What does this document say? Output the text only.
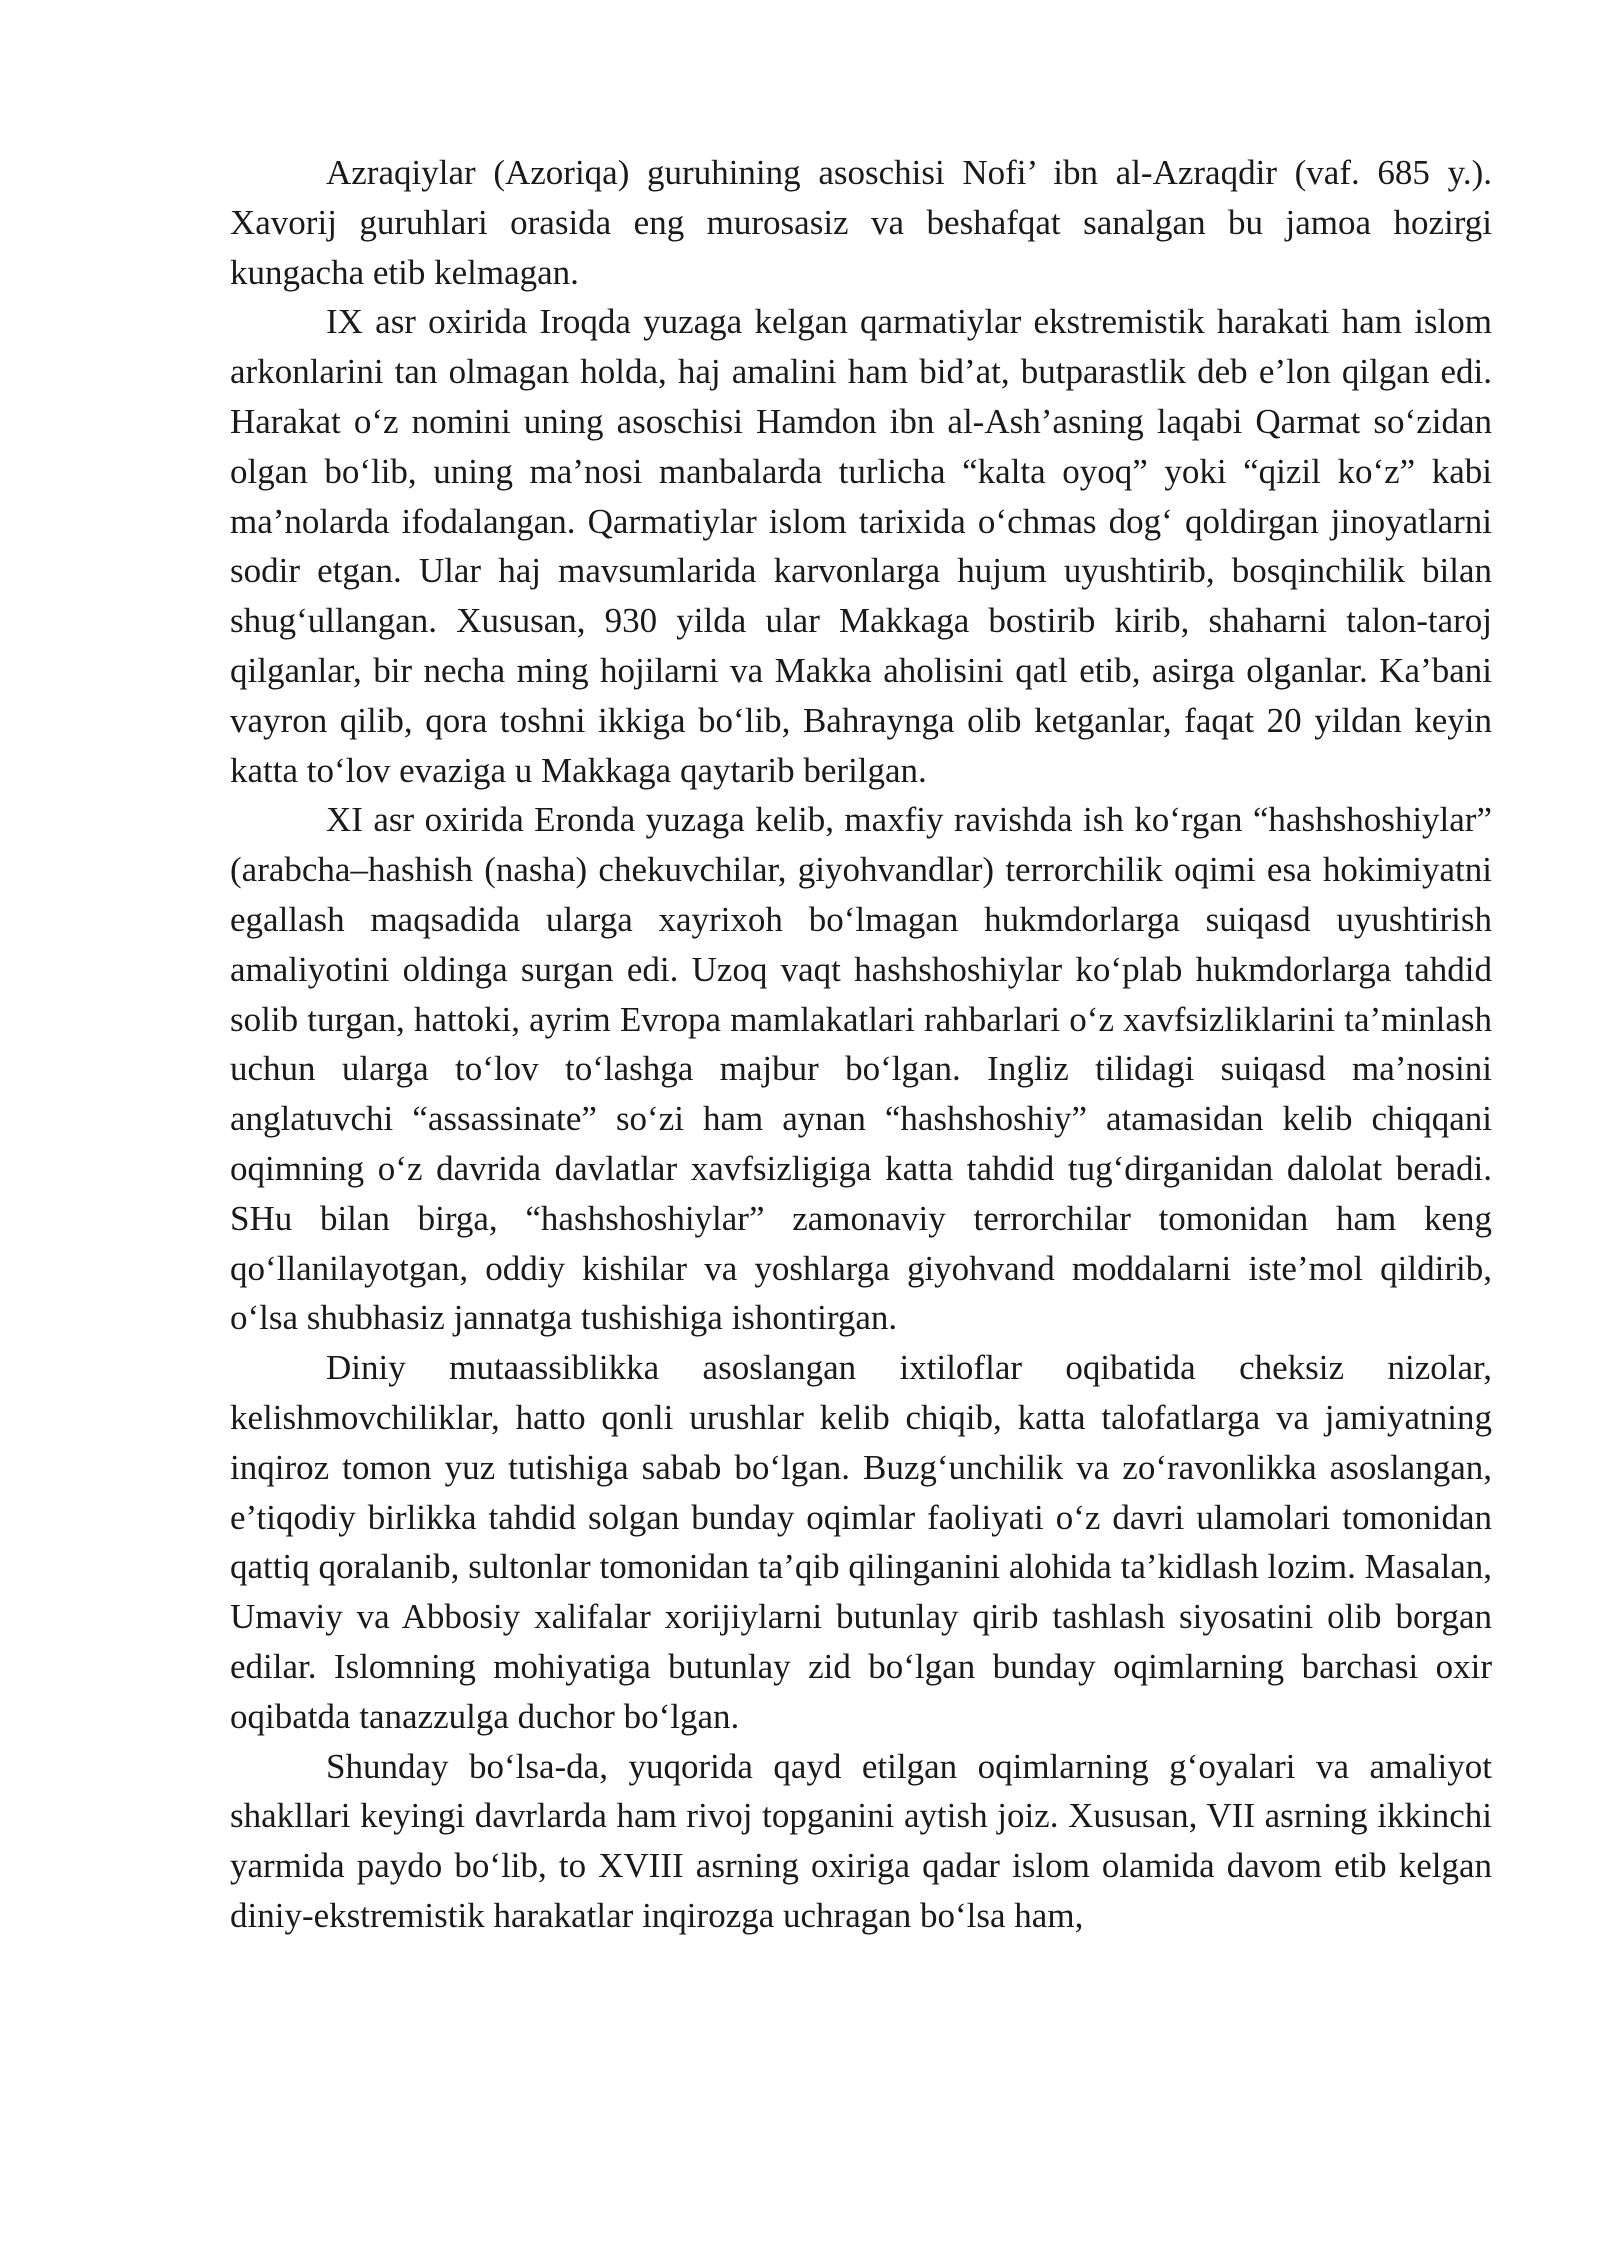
Azraqiylar (Azoriqa) guruhining asoschisi Nofi’ ibn al-Azraqdir (vaf. 685 y.). Xavorij guruhlari orasida eng murosasiz va beshafqat sanalgan bu jamoa hozirgi kungacha etib kelmagan.

IX asr oxirida Iroqda yuzaga kelgan qarmatiylar ekstremistik harakati ham islom arkonlarini tan olmagan holda, haj amalini ham bid’at, butparastlik deb e’lon qilgan edi. Harakat o‘z nomini uning asoschisi Hamdon ibn al-Ash’asning laqabi Qarmat so‘zidan olgan bo‘lib, uning ma’nosi manbalarda turlicha “kalta oyoq” yoki “qizil ko‘z” kabi ma’nolarda ifodalangan. Qarmatiylar islom tarixida o‘chmas dog‘ qoldirgan jinoyatlarni sodir etgan. Ular haj mavsumlarida karvonlarga hujum uyushtirib, bosqinchilik bilan shug‘ullangan. Xususan, 930 yilda ular Makkaga bostirib kirib, shaharni talon-taroj qilganlar, bir necha ming hojilarni va Makka aholisini qatl etib, asirga olganlar. Ka’bani vayron qilib, qora toshni ikkiga bo‘lib, Bahraynga olib ketganlar, faqat 20 yildan keyin katta to‘lov evaziga u Makkaga qaytarib berilgan.

XI asr oxirida Eronda yuzaga kelib, maxfiy ravishda ish ko‘rgan “hashshoshiylar” (arabcha–hashish (nasha) chekuvchilar, giyohvandlar) terrorchilik oqimi esa hokimiyatni egallash maqsadida ularga xayrixoh bo‘lmagan hukmdorlarga suiqasd uyushtirish amaliyotini oldinga surgan edi. Uzoq vaqt hashshoshiylar ko‘plab hukmdorlarga tahdid solib turgan, hattoki, ayrim Evropa mamlakatlari rahbarlari o‘z xavfsizliklarini ta’minlash uchun ularga to‘lov to‘lashga majbur bo‘lgan. Ingliz tilidagi suiqasd ma’nosini anglatuvchi “assassinate” so‘zi ham aynan “hashshoshiy” atamasidan kelib chiqqani oqimning o‘z davrida davlatlar xavfsizligiga katta tahdid tug‘dirganidan dalolat beradi. SHu bilan birga, “hashshoshiylar” zamonaviy terrorchilar tomonidan ham keng qo‘llanilayotgan, oddiy kishilar va yoshlarga giyohvand moddalarni iste’mol qildirib, o‘lsa shubhasiz jannatga tushishiga ishontirgan.

Diniy mutaassiblikka asoslangan ixtiloflar oqibatida cheksiz nizolar, kelishmovchiliklar, hatto qonli urushlar kelib chiqib, katta talofatlarga va jamiyatning inqiroz tomon yuz tutishiga sabab bo‘lgan. Buzg‘unchilik va zo‘ravonlikka asoslangan, e’tiqodiy birlikka tahdid solgan bunday oqimlar faoliyati o‘z davri ulamolari tomonidan qattiq qoralanib, sultonlar tomonidan ta’qib qilinganini alohida ta’kidlash lozim. Masalan, Umaviy va Abbosiy xalifalar xorijiylarni butunlay qirib tashlash siyosatini olib borgan edilar. Islomning mohiyatiga butunlay zid bo‘lgan bunday oqimlarning barchasi oxir oqibatda tanazzulga duchor bo‘lgan.

Shunday bo‘lsa-da, yuqorida qayd etilgan oqimlarning g‘oyalari va amaliyot shakllari keyingi davrlarda ham rivoj topganini aytish joiz. Xususan, VII asrning ikkinchi yarmida paydo bo‘lib, to XVIII asrning oxiriga qadar islom olamida davom etib kelgan diniy-ekstremistik harakatlar inqirozga uchragan bo‘lsa ham,
